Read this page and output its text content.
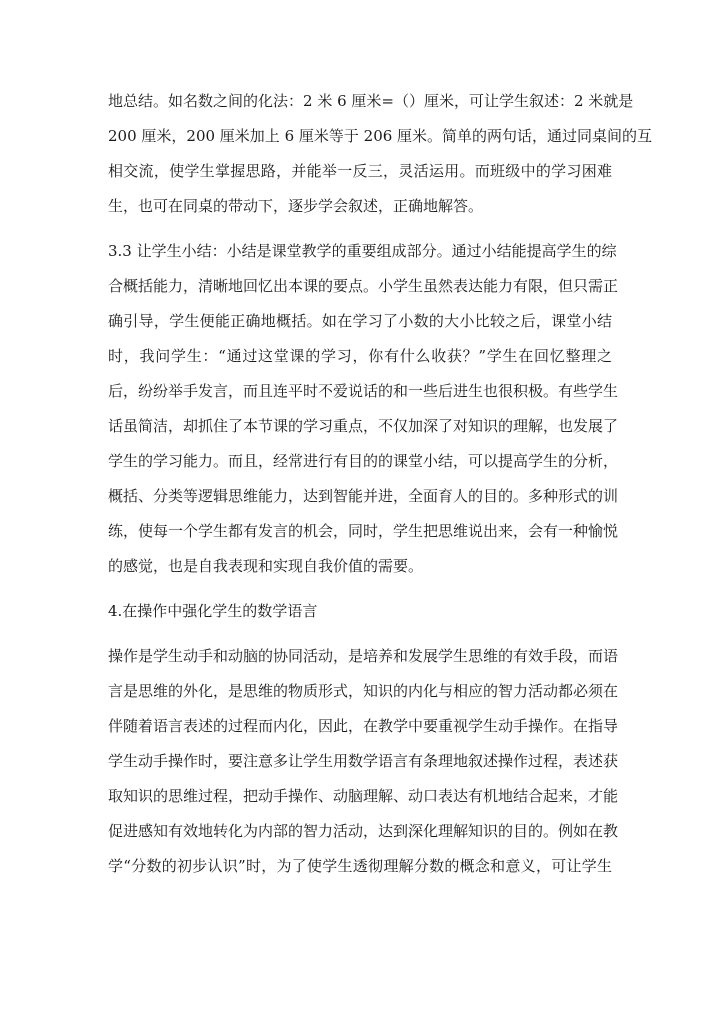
地总结。如名数之间的化法：2 米 6 厘米=（）厘米，可让学生叙述：2 米就是

200 厘米，200 厘米加上 6 厘米等于 206 厘米。简单的两句话，通过同桌间的互

相交流，使学生掌握思路，并能举一反三，灵活运用。而班级中的学习困难

生，也可在同桌的带动下，逐步学会叙述，正确地解答。

3.3 让学生小结：小结是课堂教学的重要组成部分。通过小结能提高学生的综

合概括能力，清晰地回忆出本课的要点。小学生虽然表达能力有限，但只需正

确引导，学生便能正确地概括。如在学习了小数的大小比较之后，课堂小结

时，我问学生：“通过这堂课的学习，你有什么收获？”学生在回忆整理之

后，纷纷举手发言，而且连平时不爱说话的和一些后进生也很积极。有些学生

话虽简洁，却抓住了本节课的学习重点，不仅加深了对知识的理解，也发展了

学生的学习能力。而且，经常进行有目的的课堂小结，可以提高学生的分析，

概括、分类等逻辑思维能力，达到智能并进，全面育人的目的。多种形式的训

练，使每一个学生都有发言的机会，同时，学生把思维说出来，会有一种愉悦

的感觉，也是自我表现和实现自我价值的需要。

4.在操作中强化学生的数学语言

操作是学生动手和动脑的协同活动，是培养和发展学生思维的有效手段，而语

言是思维的外化，是思维的物质形式，知识的内化与相应的智力活动都必须在

伴随着语言表述的过程而内化，因此，在教学中要重视学生动手操作。在指导

学生动手操作时，要注意多让学生用数学语言有条理地叙述操作过程，表述获

取知识的思维过程，把动手操作、动脑理解、动口表达有机地结合起来，才能

促进感知有效地转化为内部的智力活动，达到深化理解知识的目的。例如在教

学“分数的初步认识”时，为了使学生透彻理解分数的概念和意义，可让学生
